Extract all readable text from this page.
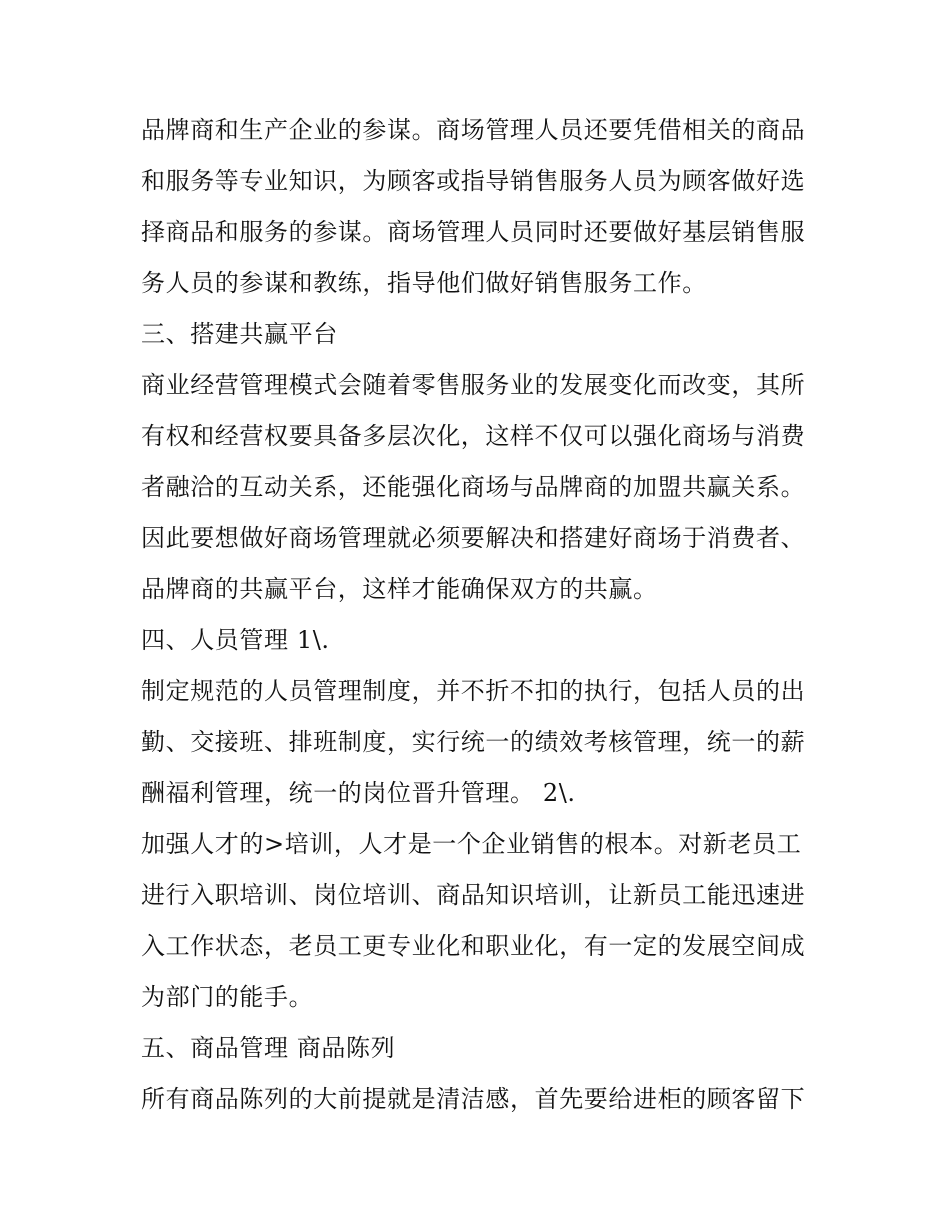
品牌商和生产企业的参谋。商场管理人员还要凭借相关的商品
和服务等专业知识，为顾客或指导销售服务人员为顾客做好选
择商品和服务的参谋。商场管理人员同时还要做好基层销售服
务人员的参谋和教练，指导他们做好销售服务工作。
三、搭建共赢平台
商业经营管理模式会随着零售服务业的发展变化而改变，其所
有权和经营权要具备多层次化，这样不仅可以强化商场与消费
者融洽的互动关系，还能强化商场与品牌商的加盟共赢关系。
因此要想做好商场管理就必须要解决和搭建好商场于消费者、
品牌商的共赢平台，这样才能确保双方的共赢。
四、人员管理 1\.
制定规范的人员管理制度，并不折不扣的执行，包括人员的出
勤、交接班、排班制度，实行统一的绩效考核管理，统一的薪
酬福利管理，统一的岗位晋升管理。 2\.
加强人才的>培训，人才是一个企业销售的根本。对新老员工
进行入职培训、岗位培训、商品知识培训，让新员工能迅速进
入工作状态，老员工更专业化和职业化，有一定的发展空间成
为部门的能手。
五、商品管理 商品陈列
所有商品陈列的大前提就是清洁感，首先要给进柜的顾客留下
